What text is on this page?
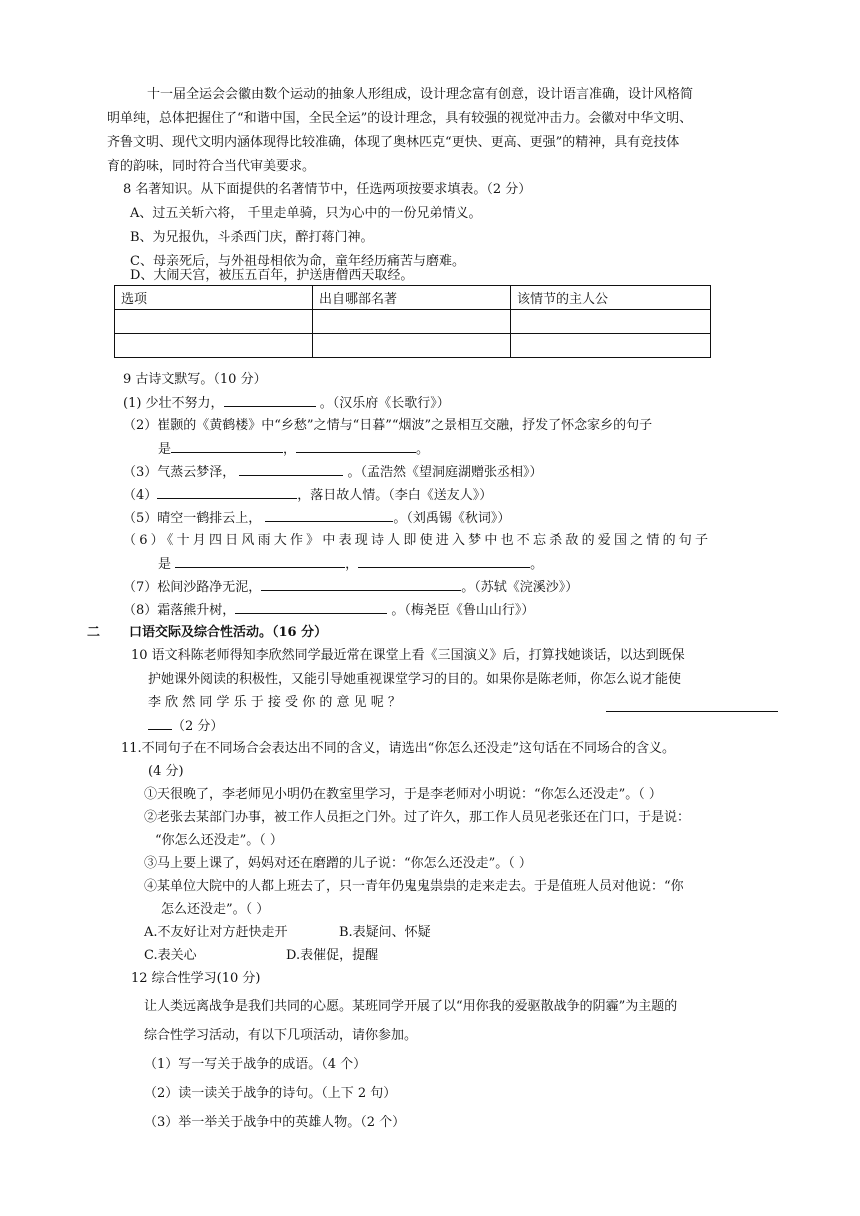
十一届全运会会徽由数个运动的抽象人形组成，设计理念富有创意，设计语言准确，设计风格简
明单纯，总体把握住了“和谐中国，全民全运”的设计理念，具有较强的视觉冲击力。会徽对中华文明、
齐鲁文明、现代文明内涵体现得比较准确，体现了奥林匹克“更快、更高、更强”的精神，具有竞技体
育的韵味，同时符合当代审美要求。
8 名著知识。从下面提供的名著情节中，任选两项按要求填表。（2 分）
A、过五关斩六将， 千里走单骑，只为心中的一份兄弟情义。
B、为兄报仇，斗杀西门庆，醉打蒋门神。
C、母亲死后，与外祖母相依为命，童年经历痛苦与磨难。
D、大闹天宫，被压五百年，护送唐僧西天取经。
选项	出自哪部名著	该情节的主人公

9 古诗文默写。（10 分）
(1) 少壮不努力，	。（汉乐府《长歌行》）
（2）崔颢的《黄鹤楼》中“乡愁”之情与“日暮”“烟波”之景相互交融，抒发了怀念家乡的句子
是	，	。
（3）气蒸云梦泽，	。（孟浩然《望洞庭湖赠张丞相》）
（4）	，落日故人情。（李白《送友人》）
（5）晴空一鹤排云上，	。（刘禹锡《秋词》）
（6）《十月四日风雨大作》中表现诗人即使进入梦中也不忘杀敌的爱国之情的句子
是	，	。
（7）松间沙路净无泥，	。（苏轼《浣溪沙》）
（8）霜落熊升树，	。（梅尧臣《鲁山山行》）
二 口语交际及综合性活动。（16 分）
10 语文科陈老师得知李欣然同学最近常在课堂上看《三国演义》后，打算找她谈话，以达到既保
护她课外阅读的积极性，又能引导她重视课堂学习的目的。如果你是陈老师，你怎么说才能使
李 欣 然 同 学 乐 于 接 受 你 的 意 见 呢 ？
（2 分）
11.不同句子在不同场合会表达出不同的含义，请选出“你怎么还没走”这句话在不同场合的含义。
(4 分)
①天很晚了，李老师见小明仍在教室里学习，于是李老师对小明说：“你怎么还没走”。（ ）
②老张去某部门办事，被工作人员拒之门外。过了许久，那工作人员见老张还在门口，于是说：
“你怎么还没走”。（ ）
③马上要上课了，妈妈对还在磨蹭的儿子说：“你怎么还没走”。（ ）
④某单位大院中的人都上班去了，只一青年仍鬼鬼祟祟的走来走去。于是值班人员对他说：“你
怎么还没走”。（ ）
A.不友好让对方赶快走开	B.表疑问、怀疑
C.表关心	D.表催促，提醒
12 综合性学习(10 分)
让人类远离战争是我们共同的心愿。某班同学开展了以“用你我的爱驱散战争的阴霾”为主题的
综合性学习活动，有以下几项活动，请你参加。
（1）写一写关于战争的成语。（4 个）
（2）读一读关于战争的诗句。（上下 2 句）
（3）举一举关于战争中的英雄人物。（2 个）
